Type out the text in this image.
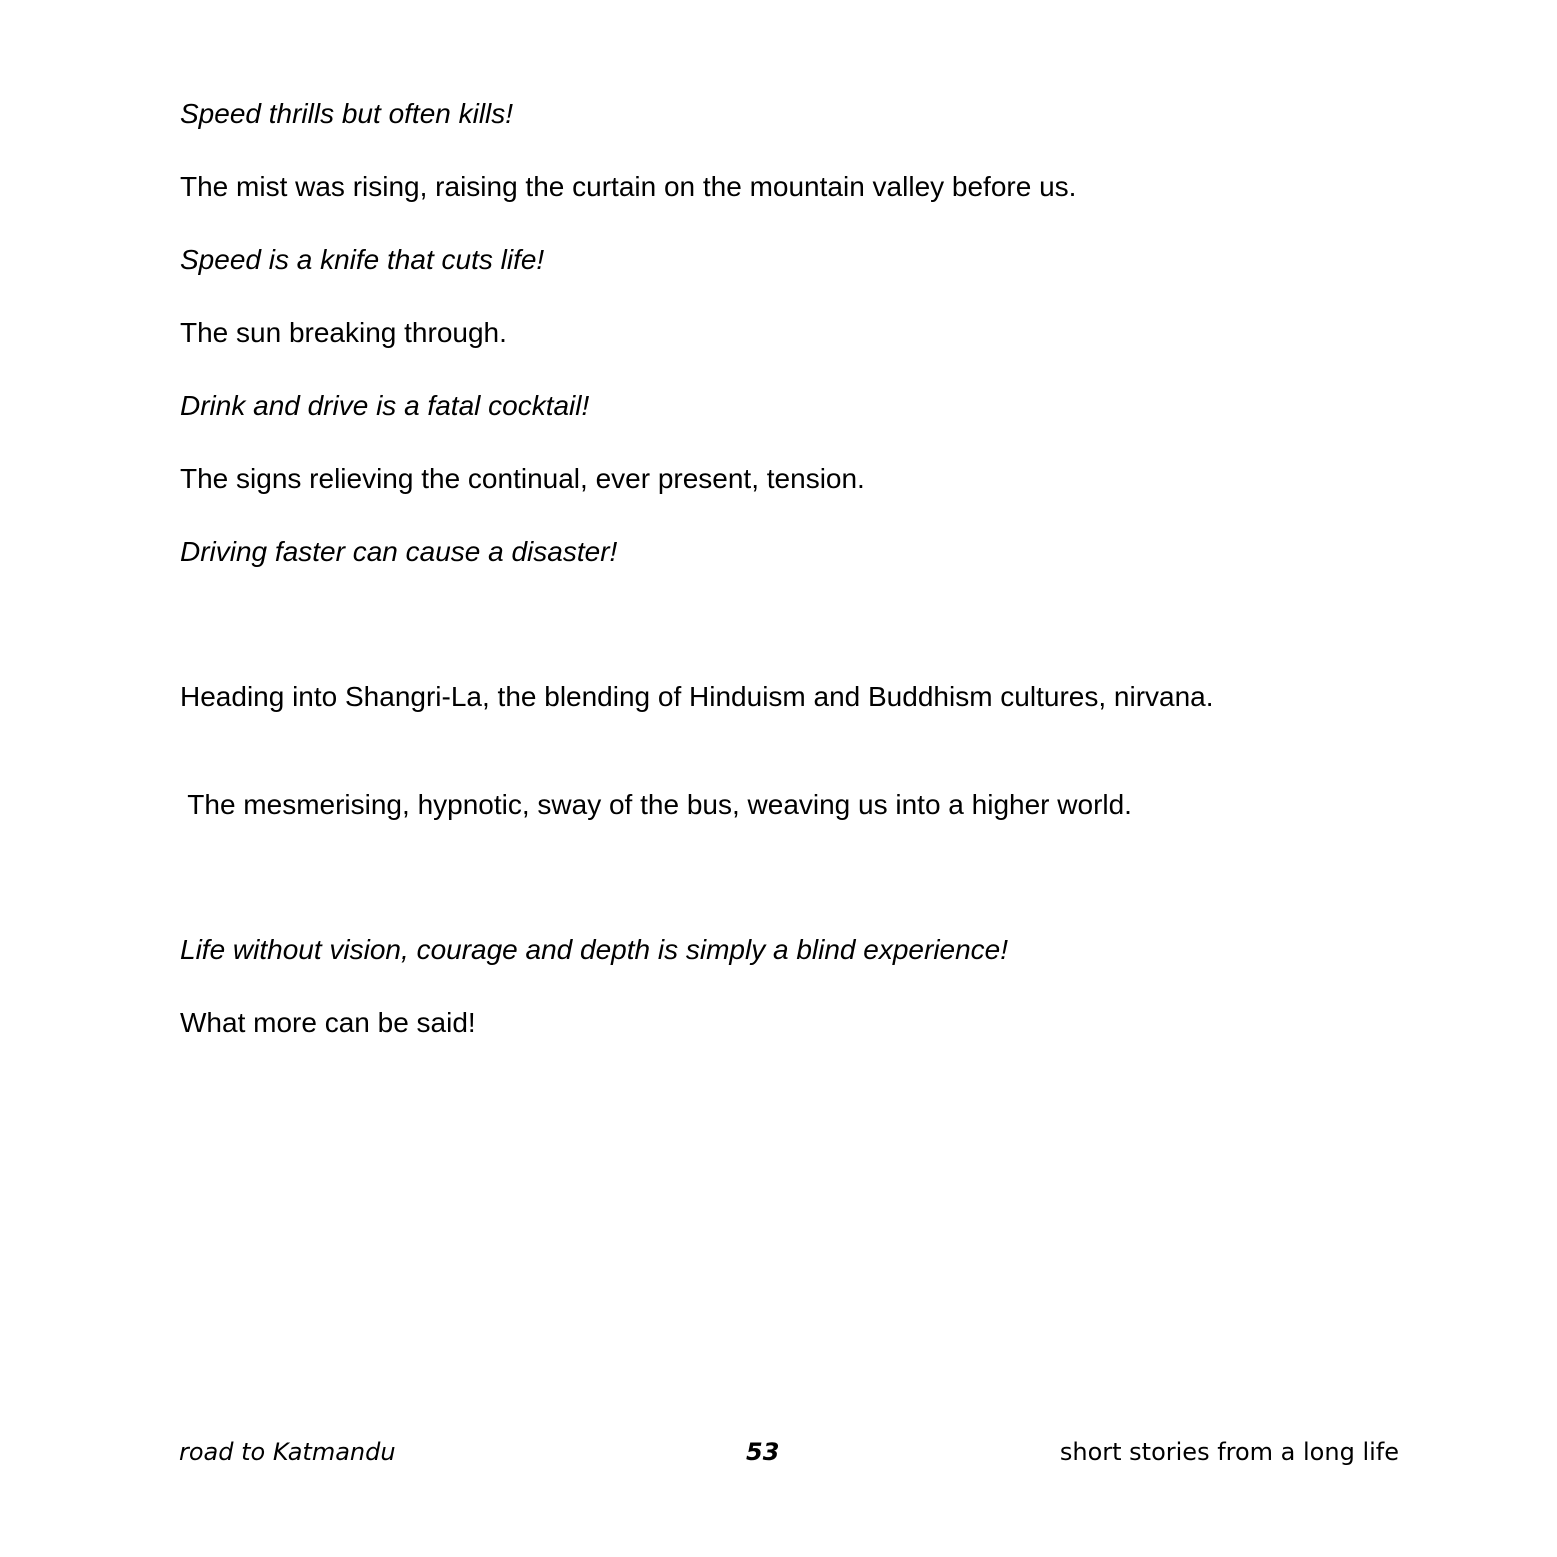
Speed thrills but often kills!

The mist was rising, raising the curtain on the mountain valley before us.

Speed is a knife that cuts life!

The sun breaking through.

Drink and drive is a fatal cocktail!

The signs relieving the continual, ever present, tension.

Driving faster can cause a disaster!

Heading into Shangri-La, the blending of Hinduism and Buddhism cultures, nirvana.

The mesmerising, hypnotic, sway of the bus, weaving us into a higher world.

Life without vision, courage and depth is simply a blind experience!

What more can be said!

road to Katmandu	53	short stories from a long life
